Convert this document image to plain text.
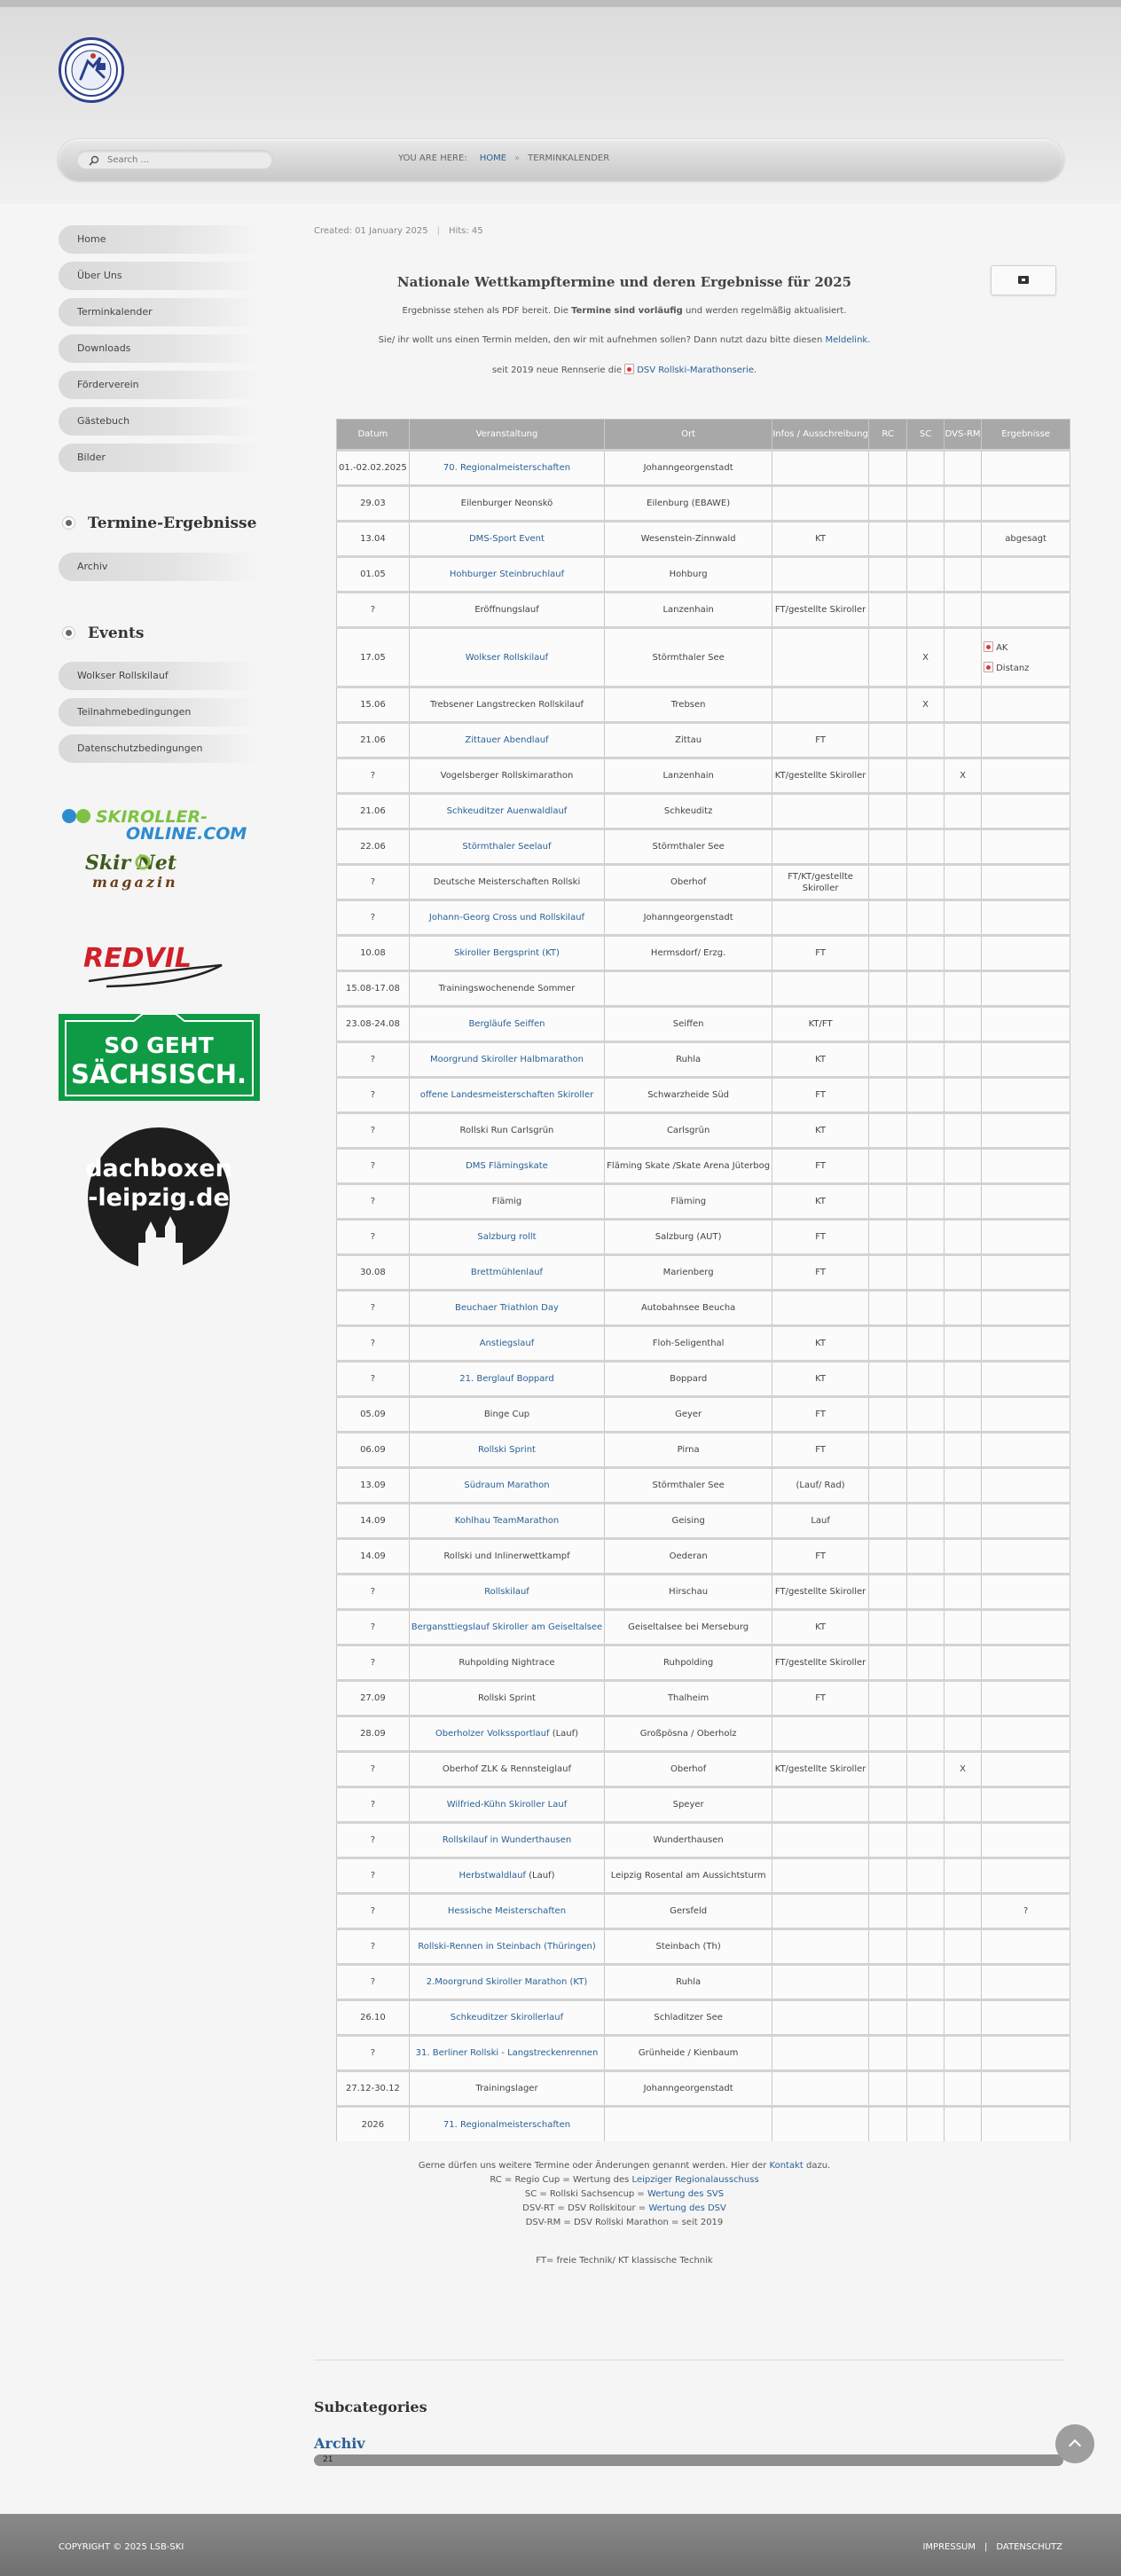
Search ...
YOU ARE HERE: HOME » TERMINKALENDER
Home
Über Uns
Terminkalender
Downloads
Förderverein
Gästebuch
Bilder
Termine-Ergebnisse
Archiv
Events
Wolkser Rollskilauf
Teilnahmebedingungen
Datenschutzbedingungen
SKIROLLER-
ONLINE.COM
Skir Net
magazin
REDVIL
SO GEHT
SÄCHSISCH.
dachboxen
-leipzig.de
Created: 01 January 2025 | Hits: 45
Nationale Wettkampftermine und deren Ergebnisse für 2025
Ergebnisse stehen als PDF bereit. Die Termine sind vorläufig und werden regelmäßig aktualisiert.
Sie/ ihr wollt uns einen Termin melden, den wir mit aufnehmen sollen? Dann nutzt dazu bitte diesen Meldelink.
seit 2019 neue Rennserie die DSV Rollski-Marathonserie.
Datum	Veranstaltung	Ort	Infos / Ausschreibung	RC	SC	DVS-RM	Ergebnisse
01.-02.02.2025	70. Regionalmeisterschaften	Johanngeorgenstadt					
29.03	Eilenburger Neonskö	Eilenburg (EBAWE)					
13.04	DMS-Sport Event	Wesenstein-Zinnwald	KT				abgesagt
01.05	Hohburger Steinbruchlauf	Hohburg					
?	Eröffnungslauf	Lanzenhain	FT/gestellte Skiroller				
17.05	Wolkser Rollskilauf	Störmthaler See			X		AK
Distanz

15.06	Trebsener Langstrecken Rollskilauf	Trebsen			X		
21.06	Zittauer Abendlauf	Zittau	FT				
?	Vogelsberger Rollskimarathon	Lanzenhain	KT/gestellte Skiroller			X	
21.06	Schkeuditzer Auenwaldlauf	Schkeuditz					
22.06	Störmthaler Seelauf	Störmthaler See					
?	Deutsche Meisterschaften Rollski	Oberhof	FT/KT/gestellte Skiroller				
?	Johann-Georg Cross und Rollskilauf	Johanngeorgenstadt					
10.08	Skiroller Bergsprint (KT)	Hermsdorf/ Erzg.	FT				
15.08-17.08	Trainingswochenende Sommer						
23.08-24.08	Bergläufe Seiffen	Seiffen	KT/FT				
?	Moorgrund Skiroller Halbmarathon	Ruhla	KT				
?	offene Landesmeisterschaften Skiroller	Schwarzheide Süd	FT				
?	Rollski Run Carlsgrün	Carlsgrün	KT				
?	DMS Flämingskate	Fläming Skate /Skate Arena Jüterbog	FT				
?	Flämig	Fläming	KT				
?	Salzburg rollt	Salzburg (AUT)	FT				
30.08	Brettmühlenlauf	Marienberg	FT				
?	Beuchaer Triathlon Day	Autobahnsee Beucha					
?	Anstiegslauf	Floh-Seligenthal	KT				
?	21. Berglauf Boppard	Boppard	KT				
05.09	Binge Cup	Geyer	FT				
06.09	Rollski Sprint	Pirna	FT				
13.09	Südraum Marathon	Störmthaler See	(Lauf/ Rad)				
14.09	Kohlhau TeamMarathon	Geising	Lauf				
14.09	Rollski und Inlinerwettkampf	Oederan	FT				
?	Rollskilauf	Hirschau	FT/gestellte Skiroller				
?	Bergansttiegslauf Skiroller am Geiseltalsee	Geiseltalsee bei Merseburg	KT				
?	Ruhpolding Nightrace	Ruhpolding	FT/gestellte Skiroller				
27.09	Rollski Sprint	Thalheim	FT				
28.09	Oberholzer Volkssportlauf (Lauf)	Großpösna / Oberholz					
?	Oberhof ZLK & Rennsteiglauf	Oberhof	KT/gestellte Skiroller			X	
?	Wilfried-Kühn Skiroller Lauf	Speyer					
?	Rollskilauf in Wunderthausen	Wunderthausen					
?	Herbstwaldlauf (Lauf)	Leipzig Rosental am Aussichtsturm					
?	Hessische Meisterschaften	Gersfeld					?
?	Rollski-Rennen in Steinbach (Thüringen)	Steinbach (Th)					
?	2.Moorgrund Skiroller Marathon (KT)	Ruhla					
26.10	Schkeuditzer Skirollerlauf	Schladitzer See					
?	31. Berliner Rollski - Langstreckenrennen	Grünheide / Kienbaum					
27.12-30.12	Trainingslager	Johanngeorgenstadt					
2026	71. Regionalmeisterschaften						
Gerne dürfen uns weitere Termine oder Änderungen genannt werden. Hier der Kontakt dazu.
RC = Regio Cup = Wertung des Leipziger Regionalausschuss
SC = Rollski Sachsencup = Wertung des SVS
DSV-RT = DSV Rollskitour = Wertung des DSV
DSV-RM = DSV Rollski Marathon = seit 2019
FT= freie Technik/ KT klassische Technik
Subcategories
Archiv
21
COPYRIGHT © 2025 LSB-SKI	IMPRESSUM | DATENSCHUTZ
